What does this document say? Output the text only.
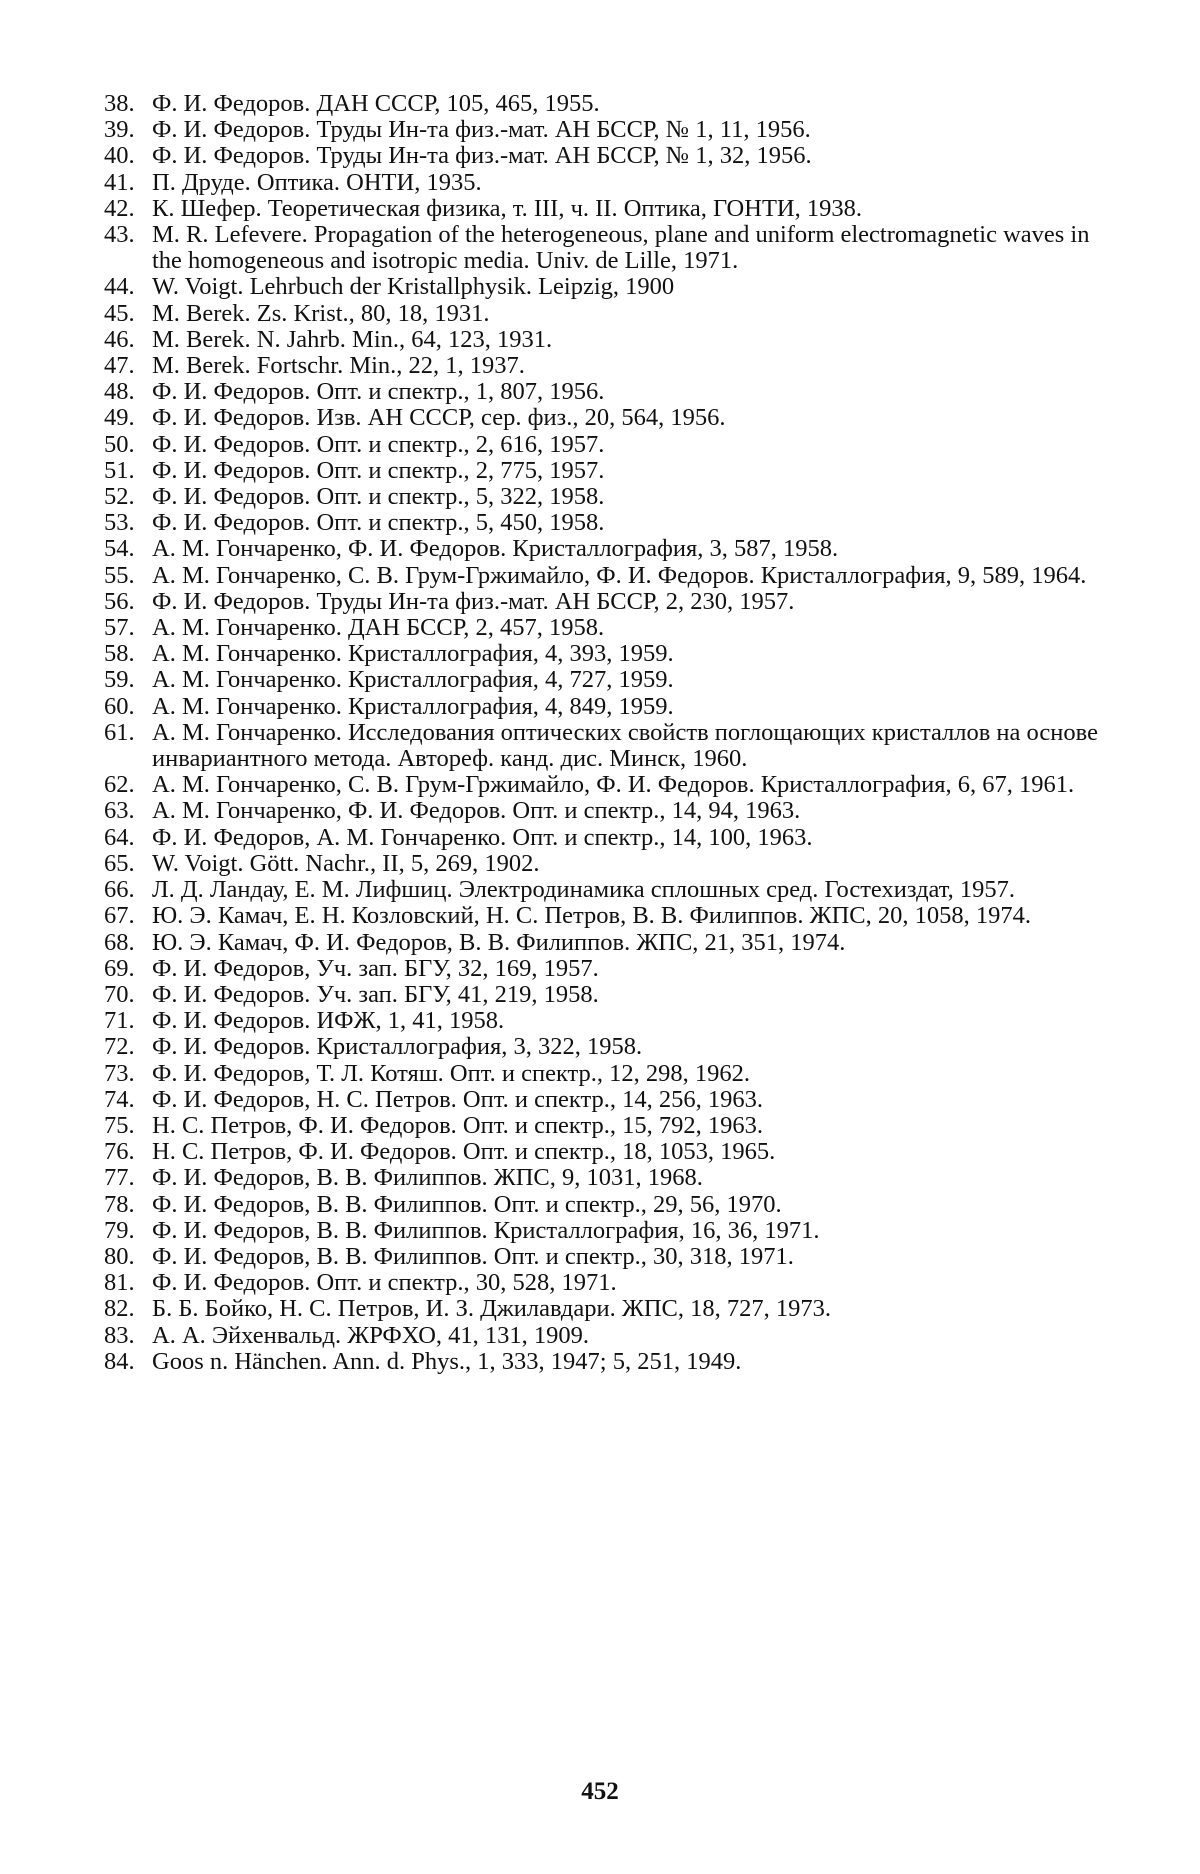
38. Ф. И. Федоров. ДАН СССР, 105, 465, 1955.
39. Ф. И. Федоров. Труды Ин-та физ.-мат. АН БССР, № 1, 11, 1956.
40. Ф. И. Федоров. Труды Ин-та физ.-мат. АН БССР, № 1, 32, 1956.
41. П. Друде. Оптика. ОНТИ, 1935.
42. К. Шефер. Теоретическая физика, т. III, ч. II. Оптика, ГОНТИ, 1938.
43. M. R. Lefevere. Propagation of the heterogeneous, plane and uniform electromagnetic waves in the homogeneous and isotropic media. Univ. de Lille, 1971.
44. W. Voigt. Lehrbuch der Kristallphysik. Leipzig, 1900
45. M. Berek. Zs. Krist., 80, 18, 1931.
46. M. Berek. N. Jahrb. Min., 64, 123, 1931.
47. M. Berek. Fortschr. Min., 22, 1, 1937.
48. Ф. И. Федоров. Опт. и спектр., 1, 807, 1956.
49. Ф. И. Федоров. Изв. АН СССР, сер. физ., 20, 564, 1956.
50. Ф. И. Федоров. Опт. и спектр., 2, 616, 1957.
51. Ф. И. Федоров. Опт. и спектр., 2, 775, 1957.
52. Ф. И. Федоров. Опт. и спектр., 5, 322, 1958.
53. Ф. И. Федоров. Опт. и спектр., 5, 450, 1958.
54. А. М. Гончаренко, Ф. И. Федоров. Кристаллография, 3, 587, 1958.
55. А. М. Гончаренко, С. В. Грум-Гржимайло, Ф. И. Федоров. Кристаллография, 9, 589, 1964.
56. Ф. И. Федоров. Труды Ин-та физ.-мат. АН БССР, 2, 230, 1957.
57. А. М. Гончаренко. ДАН БССР, 2, 457, 1958.
58. А. М. Гончаренко. Кристаллография, 4, 393, 1959.
59. А. М. Гончаренко. Кристаллография, 4, 727, 1959.
60. А. М. Гончаренко. Кристаллография, 4, 849, 1959.
61. А. М. Гончаренко. Исследования оптических свойств поглощающих кристаллов на основе инвариантного метода. Автореф. канд. дис. Минск, 1960.
62. А. М. Гончаренко, С. В. Грум-Гржимайло, Ф. И. Федоров. Кристаллография, 6, 67, 1961.
63. А. М. Гончаренко, Ф. И. Федоров. Опт. и спектр., 14, 94, 1963.
64. Ф. И. Федоров, А. М. Гончаренко. Опт. и спектр., 14, 100, 1963.
65. W. Voigt. Gött. Nachr., II, 5, 269, 1902.
66. Л. Д. Ландау, Е. М. Лифшиц. Электродинамика сплошных сред. Гостехиздат, 1957.
67. Ю. Э. Камач, Е. Н. Козловский, Н. С. Петров, В. В. Филиппов. ЖПС, 20, 1058, 1974.
68. Ю. Э. Камач, Ф. И. Федоров, В. В. Филиппов. ЖПС, 21, 351, 1974.
69. Ф. И. Федоров, Уч. зап. БГУ, 32, 169, 1957.
70. Ф. И. Федоров. Уч. зап. БГУ, 41, 219, 1958.
71. Ф. И. Федоров. ИФЖ, 1, 41, 1958.
72. Ф. И. Федоров. Кристаллография, 3, 322, 1958.
73. Ф. И. Федоров, Т. Л. Котяш. Опт. и спектр., 12, 298, 1962.
74. Ф. И. Федоров, Н. С. Петров. Опт. и спектр., 14, 256, 1963.
75. Н. С. Петров, Ф. И. Федоров. Опт. и спектр., 15, 792, 1963.
76. Н. С. Петров, Ф. И. Федоров. Опт. и спектр., 18, 1053, 1965.
77. Ф. И. Федоров, В. В. Филиппов. ЖПС, 9, 1031, 1968.
78. Ф. И. Федоров, В. В. Филиппов. Опт. и спектр., 29, 56, 1970.
79. Ф. И. Федоров, В. В. Филиппов. Кристаллография, 16, 36, 1971.
80. Ф. И. Федоров, В. В. Филиппов. Опт. и спектр., 30, 318, 1971.
81. Ф. И. Федоров. Опт. и спектр., 30, 528, 1971.
82. Б. Б. Бойко, Н. С. Петров, И. З. Джилавдари. ЖПС, 18, 727, 1973.
83. А. А. Эйхенвальд. ЖРФХО, 41, 131, 1909.
84. Goos n. Hänchen. Ann. d. Phys., 1, 333, 1947; 5, 251, 1949.
452
